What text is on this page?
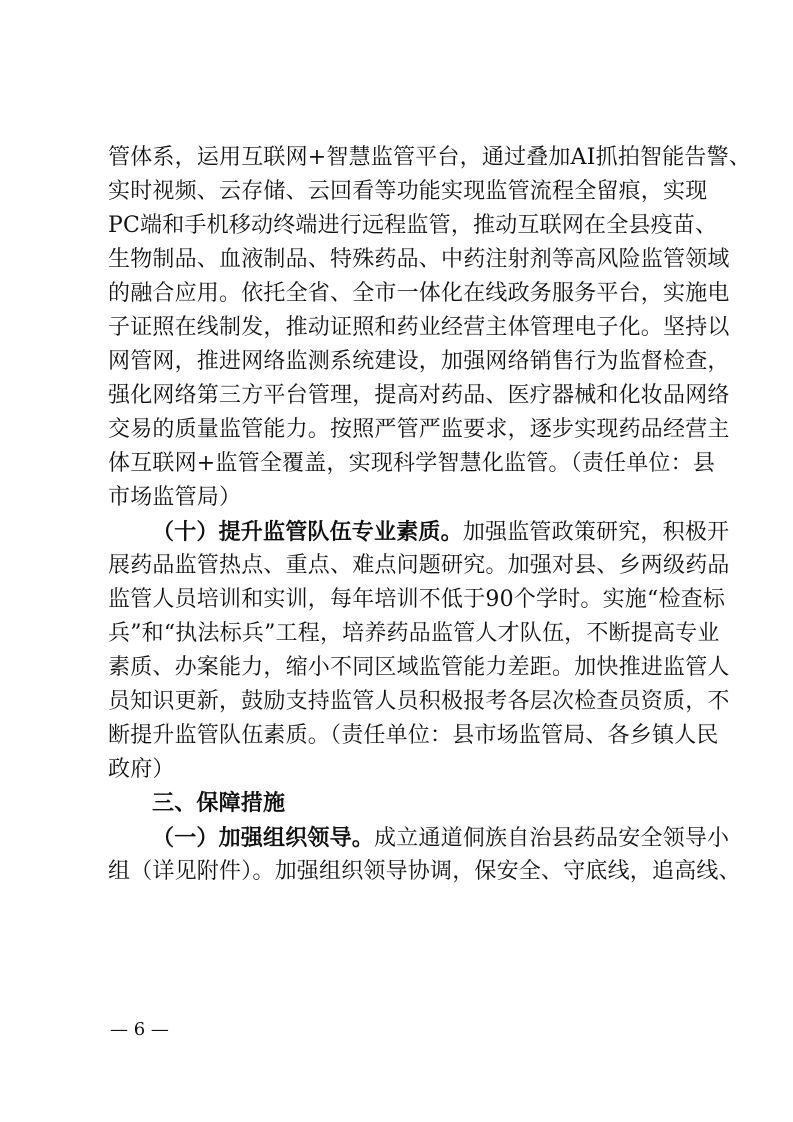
管体系，运用互联网+智慧监管平台，通过叠加AI抓拍智能告警、
实时视频、云存储、云回看等功能实现监管流程全留痕，实现
PC端和手机移动终端进行远程监管，推动互联网在全县疫苗、
生物制品、血液制品、特殊药品、中药注射剂等高风险监管领域
的融合应用。依托全省、全市一体化在线政务服务平台，实施电
子证照在线制发，推动证照和药业经营主体管理电子化。坚持以
网管网，推进网络监测系统建设，加强网络销售行为监督检查，
强化网络第三方平台管理，提高对药品、医疗器械和化妆品网络
交易的质量监管能力。按照严管严监要求，逐步实现药品经营主
体互联网+监管全覆盖，实现科学智慧化监管。（责任单位：县
市场监管局）
（十）提升监管队伍专业素质。加强监管政策研究，积极开
展药品监管热点、重点、难点问题研究。加强对县、乡两级药品
监管人员培训和实训，每年培训不低于90个学时。实施“检查标
兵”和“执法标兵”工程，培养药品监管人才队伍，不断提高专业
素质、办案能力，缩小不同区域监管能力差距。加快推进监管人
员知识更新，鼓励支持监管人员积极报考各层次检查员资质，不
断提升监管队伍素质。（责任单位：县市场监管局、各乡镇人民
政府）
三、保障措施
（一）加强组织领导。成立通道侗族自治县药品安全领导小
组（详见附件）。加强组织领导协调，保安全、守底线，追高线、
— 6 —
